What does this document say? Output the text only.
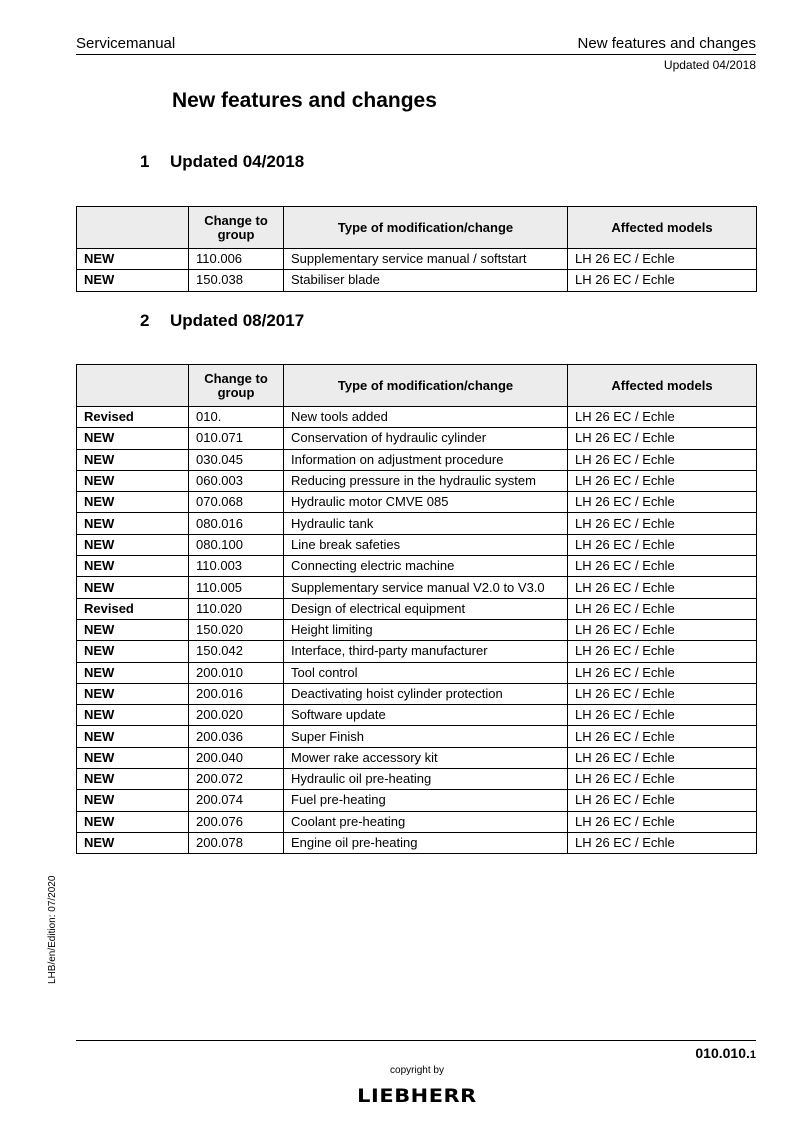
Servicemanual	New features and changes
Updated 04/2018
New features and changes
1 Updated 04/2018
	Change to group	Type of modification/change	Affected models
NEW	110.006	Supplementary service manual / softstart	LH 26 EC / Echle
NEW	150.038	Stabiliser blade	LH 26 EC / Echle
2 Updated 08/2017
	Change to group	Type of modification/change	Affected models
Revised	010.	New tools added	LH 26 EC / Echle
NEW	010.071	Conservation of hydraulic cylinder	LH 26 EC / Echle
NEW	030.045	Information on adjustment procedure	LH 26 EC / Echle
NEW	060.003	Reducing pressure in the hydraulic system	LH 26 EC / Echle
NEW	070.068	Hydraulic motor CMVE 085	LH 26 EC / Echle
NEW	080.016	Hydraulic tank	LH 26 EC / Echle
NEW	080.100	Line break safeties	LH 26 EC / Echle
NEW	110.003	Connecting electric machine	LH 26 EC / Echle
NEW	110.005	Supplementary service manual V2.0 to V3.0	LH 26 EC / Echle
Revised	110.020	Design of electrical equipment	LH 26 EC / Echle
NEW	150.020	Height limiting	LH 26 EC / Echle
NEW	150.042	Interface, third-party manufacturer	LH 26 EC / Echle
NEW	200.010	Tool control	LH 26 EC / Echle
NEW	200.016	Deactivating hoist cylinder protection	LH 26 EC / Echle
NEW	200.020	Software update	LH 26 EC / Echle
NEW	200.036	Super Finish	LH 26 EC / Echle
NEW	200.040	Mower rake accessory kit	LH 26 EC / Echle
NEW	200.072	Hydraulic oil pre-heating	LH 26 EC / Echle
NEW	200.074	Fuel pre-heating	LH 26 EC / Echle
NEW	200.076	Coolant pre-heating	LH 26 EC / Echle
NEW	200.078	Engine oil pre-heating	LH 26 EC / Echle
LHB/en/Edition: 07/2020
010.010.1
copyright by
LIEBHERR
